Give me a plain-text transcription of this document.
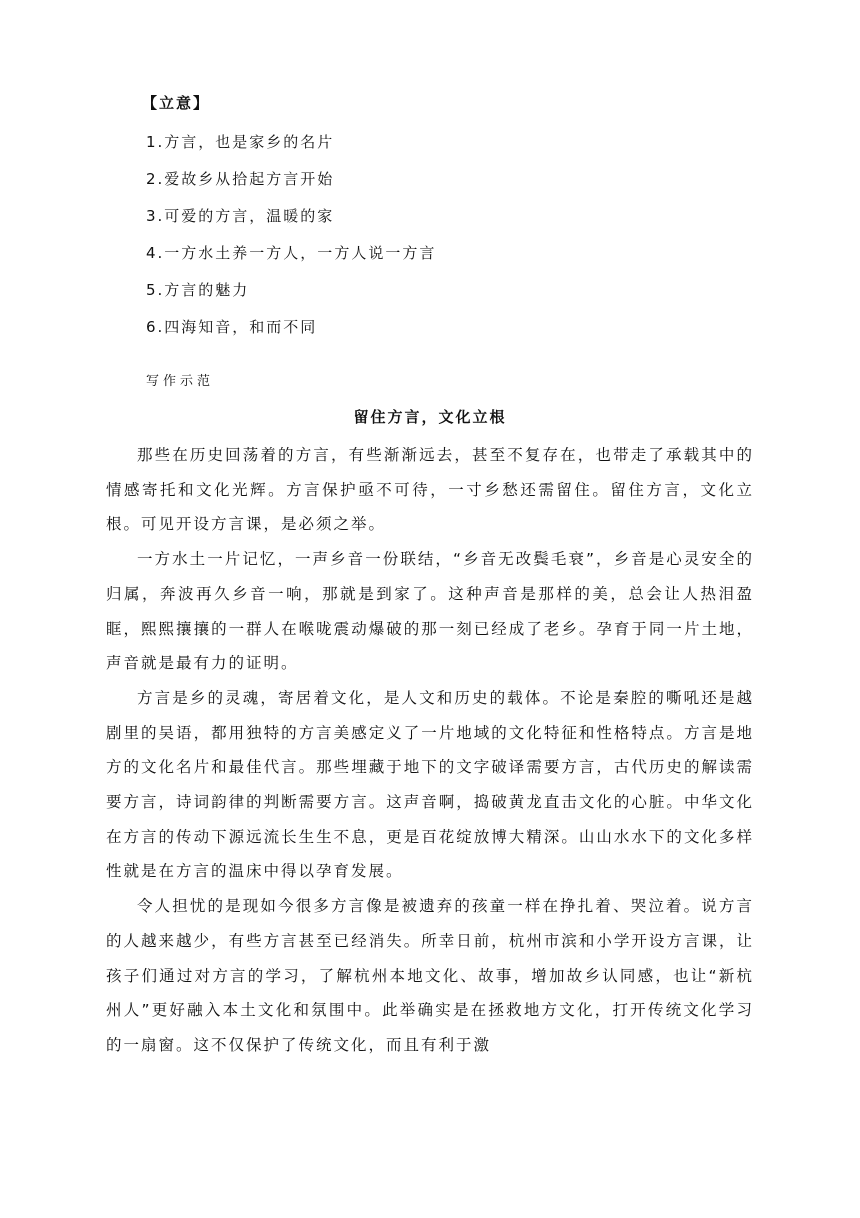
【立意】
1.方言，也是家乡的名片
2.爱故乡从拾起方言开始
3.可爱的方言，温暖的家
4.一方水土养一方人，一方人说一方言
5.方言的魅力
6.四海知音，和而不同
写作示范
留住方言，文化立根

那些在历史回荡着的方言，有些渐渐远去，甚至不复存在，也带走了承载其中的情感寄托和文化光辉。方言保护亟不可待，一寸乡愁还需留住。留住方言，文化立根。可见开设方言课，是必须之举。

一方水土一片记忆，一声乡音一份联结，“乡音无改鬓毛衰”，乡音是心灵安全的归属，奔波再久乡音一响，那就是到家了。这种声音是那样的美，总会让人热泪盈眶，熙熙攘攘的一群人在喉咙震动爆破的那一刻已经成了老乡。孕育于同一片土地，声音就是最有力的证明。

方言是乡的灵魂，寄居着文化，是人文和历史的载体。不论是秦腔的嘶吼还是越剧里的吴语，都用独特的方言美感定义了一片地域的文化特征和性格特点。方言是地方的文化名片和最佳代言。那些埋藏于地下的文字破译需要方言，古代历史的解读需要方言，诗词韵律的判断需要方言。这声音啊，捣破黄龙直击文化的心脏。中华文化在方言的传动下源远流长生生不息，更是百花绽放博大精深。山山水水下的文化多样性就是在方言的温床中得以孕育发展。

令人担忧的是现如今很多方言像是被遗弃的孩童一样在挣扎着、哭泣着。说方言的人越来越少，有些方言甚至已经消失。所幸日前，杭州市滨和小学开设方言课，让孩子们通过对方言的学习，了解杭州本地文化、故事，增加故乡认同感，也让“新杭州人”更好融入本土文化和氛围中。此举确实是在拯救地方文化，打开传统文化学习的一扇窗。这不仅保护了传统文化，而且有利于激
